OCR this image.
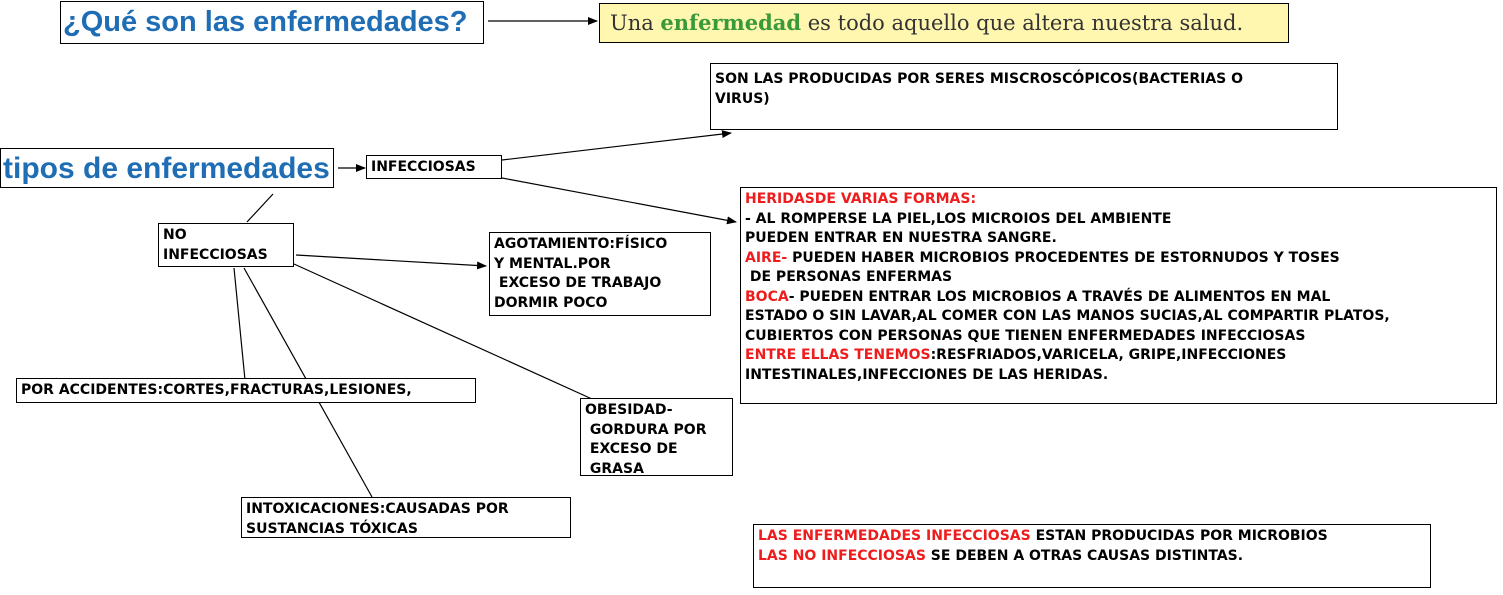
¿Qué son las enfermedades?	Una enfermedad es todo aquello que altera nuestra salud.
tipos de enfermedades	INFECCIOSAS
SON LAS PRODUCIDAS POR SERES MISCROSCÓPICOS(BACTERIAS O
VIRUS)
HERIDASDE VARIAS FORMAS:
- AL ROMPERSE LA PIEL,LOS MICROIOS DEL AMBIENTE
PUEDEN ENTRAR EN NUESTRA SANGRE.
AIRE- PUEDEN HABER MICROBIOS PROCEDENTES DE ESTORNUDOS Y TOSES
DE PERSONAS ENFERMAS
BOCA- PUEDEN ENTRAR LOS MICROBIOS A TRAVÉS DE ALIMENTOS EN MAL
ESTADO O SIN LAVAR,AL COMER CON LAS MANOS SUCIAS,AL COMPARTIR PLATOS,
CUBIERTOS CON PERSONAS QUE TIENEN ENFERMEDADES INFECCIOSAS
ENTRE ELLAS TENEMOS:RESFRIADOS,VARICELA, GRIPE,INFECCIONES
INTESTINALES,INFECCIONES DE LAS HERIDAS.
NO
INFECCIOSAS
AGOTAMIENTO:FÍSICO
Y MENTAL.POR
EXCESO DE TRABAJO
DORMIR POCO
OBESIDAD-
GORDURA POR
EXCESO DE
GRASA
POR ACCIDENTES:CORTES,FRACTURAS,LESIONES,
INTOXICACIONES:CAUSADAS POR
SUSTANCIAS TÓXICAS	LAS ENFERMEDADES INFECCIOSAS ESTAN PRODUCIDAS POR MICROBIOS
LAS NO INFECCIOSAS SE DEBEN A OTRAS CAUSAS DISTINTAS.
